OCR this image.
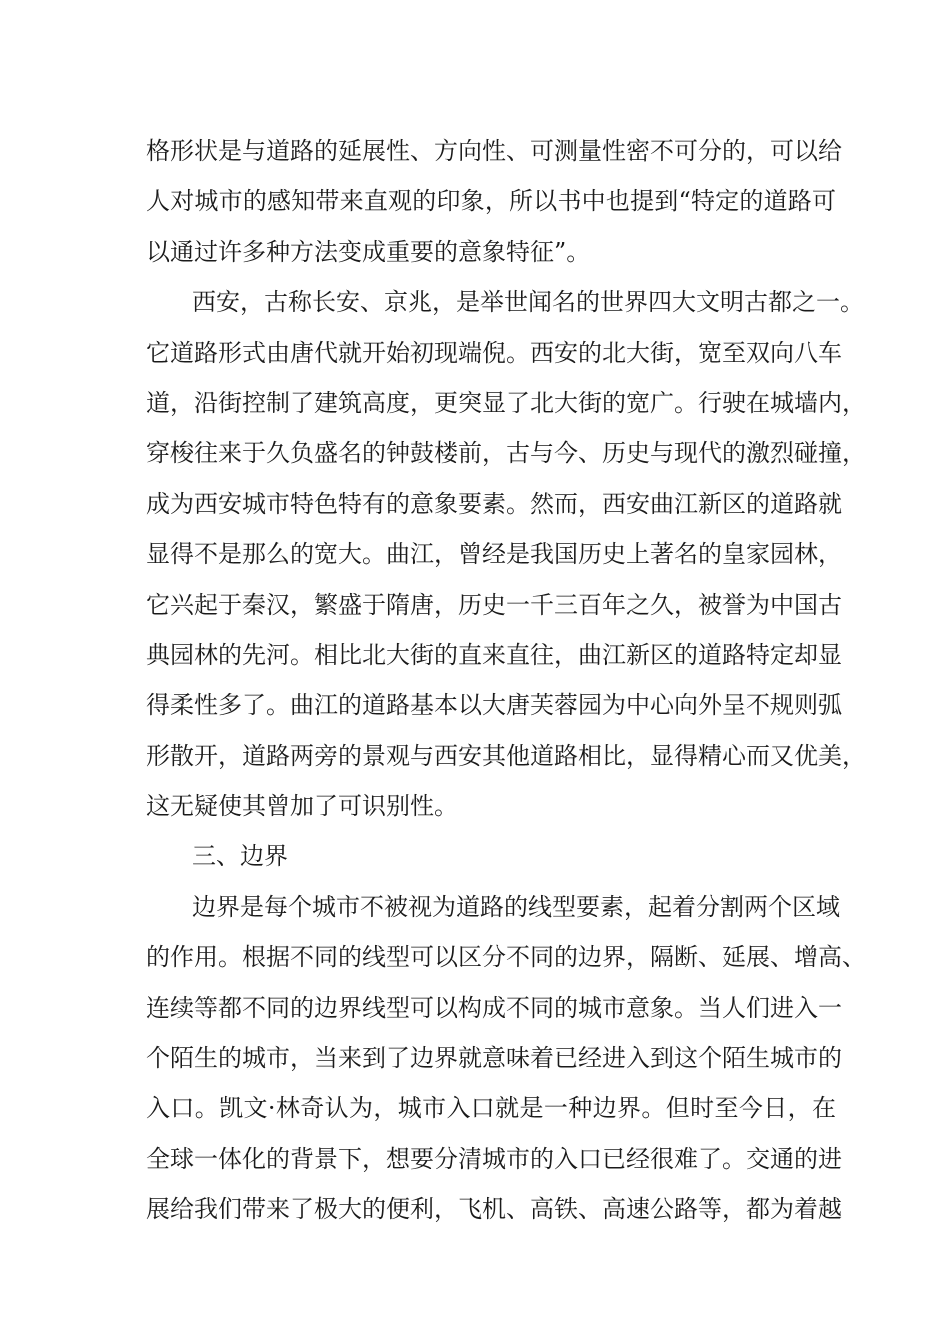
格形状是与道路的延展性、方向性、可测量性密不可分的，可以给
人对城市的感知带来直观的印象，所以书中也提到“特定的道路可
以通过许多种方法变成重要的意象特征”。
西安，古称长安、京兆，是举世闻名的世界四大文明古都之一。
它道路形式由唐代就开始初现端倪。西安的北大街，宽至双向八车
道，沿街控制了建筑高度，更突显了北大街的宽广。行驶在城墙内，
穿梭往来于久负盛名的钟鼓楼前，古与今、历史与现代的激烈碰撞，
成为西安城市特色特有的意象要素。然而，西安曲江新区的道路就
显得不是那么的宽大。曲江，曾经是我国历史上著名的皇家园林，
它兴起于秦汉，繁盛于隋唐，历史一千三百年之久，被誉为中国古
典园林的先河。相比北大街的直来直往，曲江新区的道路特定却显
得柔性多了。曲江的道路基本以大唐芙蓉园为中心向外呈不规则弧
形散开，道路两旁的景观与西安其他道路相比，显得精心而又优美，
这无疑使其曾加了可识别性。
三、边界
边界是每个城市不被视为道路的线型要素，起着分割两个区域
的作用。根据不同的线型可以区分不同的边界，隔断、延展、增高、
连续等都不同的边界线型可以构成不同的城市意象。当人们进入一
个陌生的城市，当来到了边界就意味着已经进入到这个陌生城市的
入口。凯文·林奇认为，城市入口就是一种边界。但时至今日，在
全球一体化的背景下，想要分清城市的入口已经很难了。交通的进
展给我们带来了极大的便利，飞机、高铁、高速公路等，都为着越
